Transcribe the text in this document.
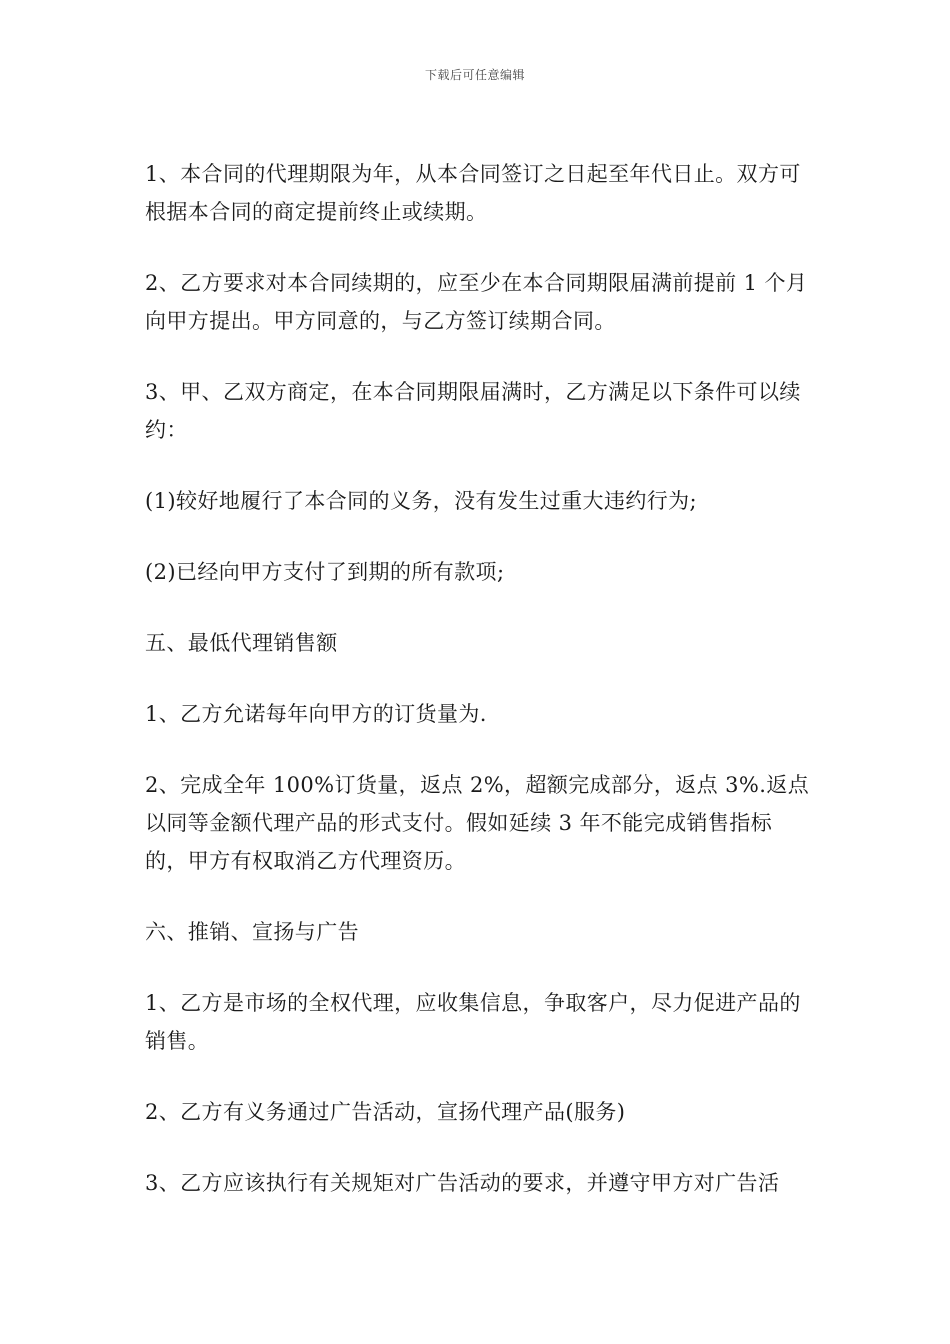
下载后可任意编辑

1、本合同的代理期限为年，从本合同签订之日起至年代日止。双方可根据本合同的商定提前终止或续期。

2、乙方要求对本合同续期的，应至少在本合同期限届满前提前 1 个月向甲方提出。甲方同意的，与乙方签订续期合同。

3、甲、乙双方商定，在本合同期限届满时，乙方满足以下条件可以续约：

(1)较好地履行了本合同的义务，没有发生过重大违约行为;

(2)已经向甲方支付了到期的所有款项;

五、最低代理销售额

1、乙方允诺每年向甲方的订货量为.

2、完成全年 100%订货量，返点 2%，超额完成部分，返点 3%.返点以同等金额代理产品的形式支付。假如延续 3 年不能完成销售指标的，甲方有权取消乙方代理资历。

六、推销、宣扬与广告

1、乙方是市场的全权代理，应收集信息，争取客户，尽力促进产品的销售。

2、乙方有义务通过广告活动，宣扬代理产品(服务)

3、乙方应该执行有关规矩对广告活动的要求，并遵守甲方对广告活
